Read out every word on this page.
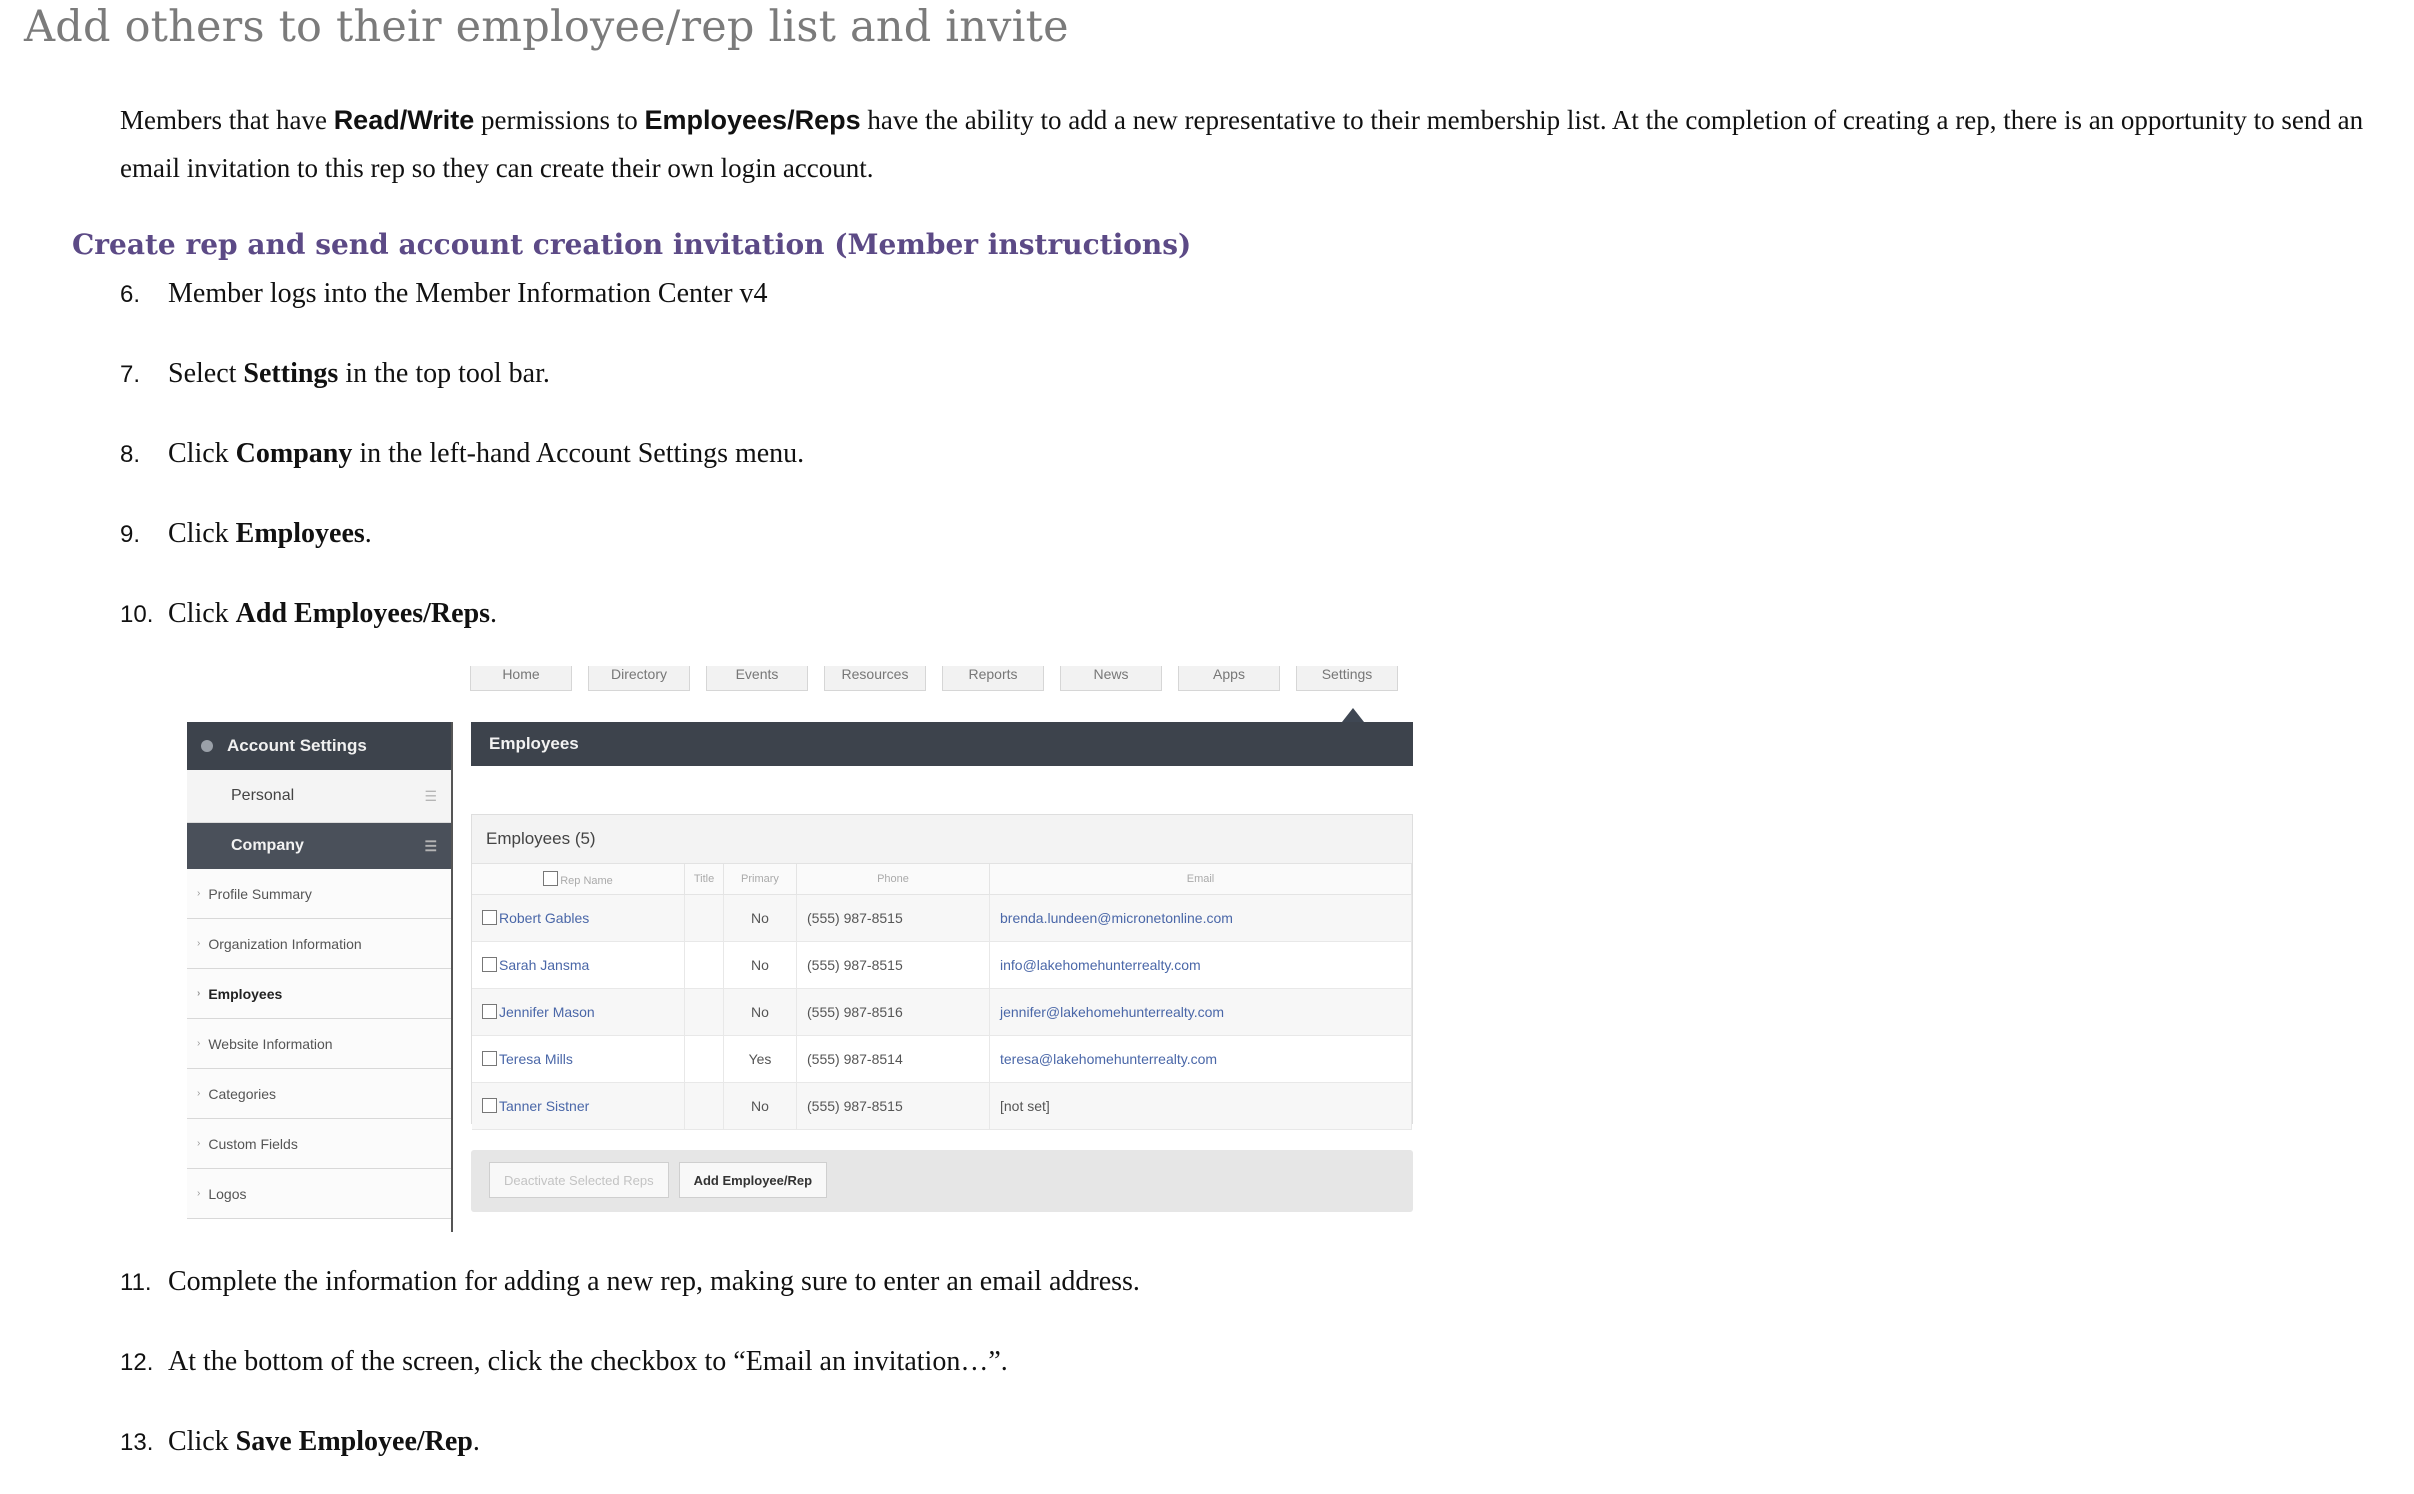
Add others to their employee/rep list and invite

Members that have Read/Write permissions to Employees/Reps have the ability to add a new representative to their membership list. At the completion of creating a rep, there is an opportunity to send an email invitation to this rep so they can create their own login account.

Create rep and send account creation invitation (Member instructions)

6. Member logs into the Member Information Center v4

7. Select Settings in the top tool bar.

8. Click Company in the left-hand Account Settings menu.

9. Click Employees.

10. Click Add Employees/Reps.

Home	Directory	Events	Resources	Reports	News	Apps	Settings
Account Settings
Personal	☰
Company	☰
› Profile Summary
› Organization Information
› Employees
› Website Information
› Categories
› Custom Fields
› Logos
Employees
Employees (5)
Rep Name	Title	Primary	Phone	Email
Robert Gables		No	(555) 987-8515	brenda.lundeen@micronetonline.com
Sarah Jansma		No	(555) 987-8515	info@lakehomehunterrealty.com
Jennifer Mason		No	(555) 987-8516	jennifer@lakehomehunterrealty.com
Teresa Mills		Yes	(555) 987-8514	teresa@lakehomehunterrealty.com
Tanner Sistner		No	(555) 987-8515	[not set]
Deactivate Selected Reps	Add Employee/Rep

11. Complete the information for adding a new rep, making sure to enter an email address.

12. At the bottom of the screen, click the checkbox to “Email an invitation…”.

13. Click Save Employee/Rep.
